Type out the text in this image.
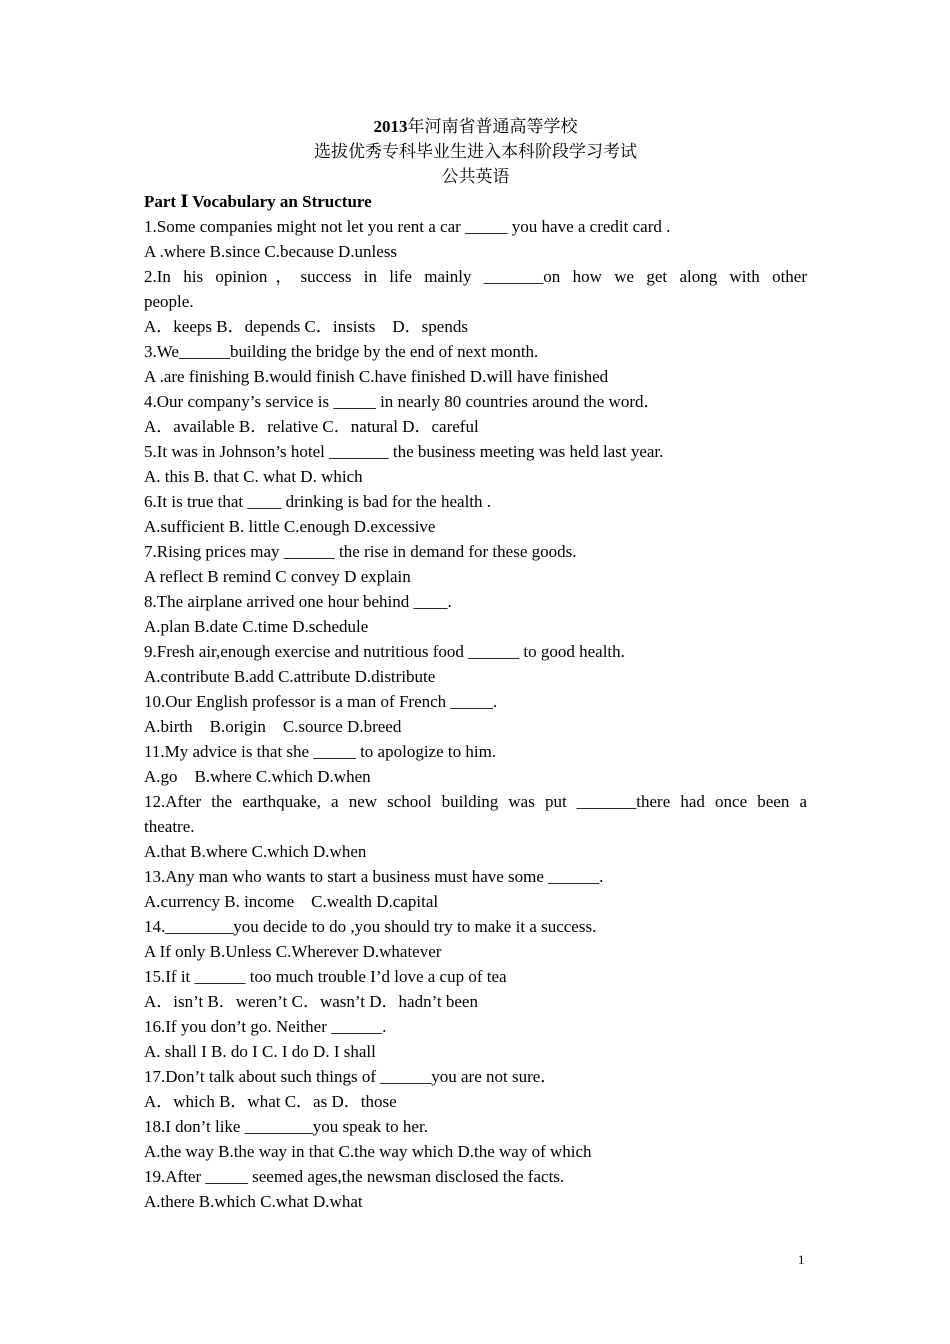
2013年河南省普通高等学校
选拔优秀专科毕业生进入本科阶段学习考试
公共英语
Part Ⅰ Vocabulary an Structure
1.Some companies might not let you rent a car _____ you have a credit card .
A .where B.since C.because D.unless
2.In his opinion，success in life mainly _______on how we get along with other
people.
A．keeps B．depends C．insists　D．spends
3.We______building the bridge by the end of next month.
A .are finishing B.would finish C.have finished D.will have finished
4.Our company’s service is _____ in nearly 80 countries around the word．
A．available B．relative C．natural D．careful
5.It was in Johnson’s hotel _______ the business meeting was held last year.
A. this B. that C. what D. which
6.It is true that ____ drinking is bad for the health .
A.sufficient B. little C.enough D.excessive
7.Rising prices may ______ the rise in demand for these goods.
A reflect B remind C convey D explain
8.The airplane arrived one hour behind ____.
A.plan B.date C.time D.schedule
9.Fresh air,enough exercise and nutritious food ______ to good health.
A.contribute B.add C.attribute D.distribute
10.Our English professor is a man of French _____.
A.birth　B.origin　C.source D.breed
11.My advice is that she _____ to apologize to him.
A.go　B.where C.which D.when
12.After the earthquake, a new school building was put _______there had once been a
theatre.
A.that B.where C.which D.when
13.Any man who wants to start a business must have some ______.
A.currency B. income　C.wealth D.capital
14.________you decide to do ,you should try to make it a success.
A If only B.Unless C.Wherever D.whatever
15.If it ______ too much trouble I’d love a cup of tea
A．isn’t B．weren’t C．wasn’t D．hadn’t been
16.If you don’t go. Neither ______.
A. shall I B. do I C. I do D. I shall
17.Don’t talk about such things of ______you are not sure．
A．which B．what C．as D．those
18.I don’t like ________you speak to her.
A.the way B.the way in that C.the way which D.the way of which
19.After _____ seemed ages,the newsman disclosed the facts.
A.there B.which C.what D.what
1
